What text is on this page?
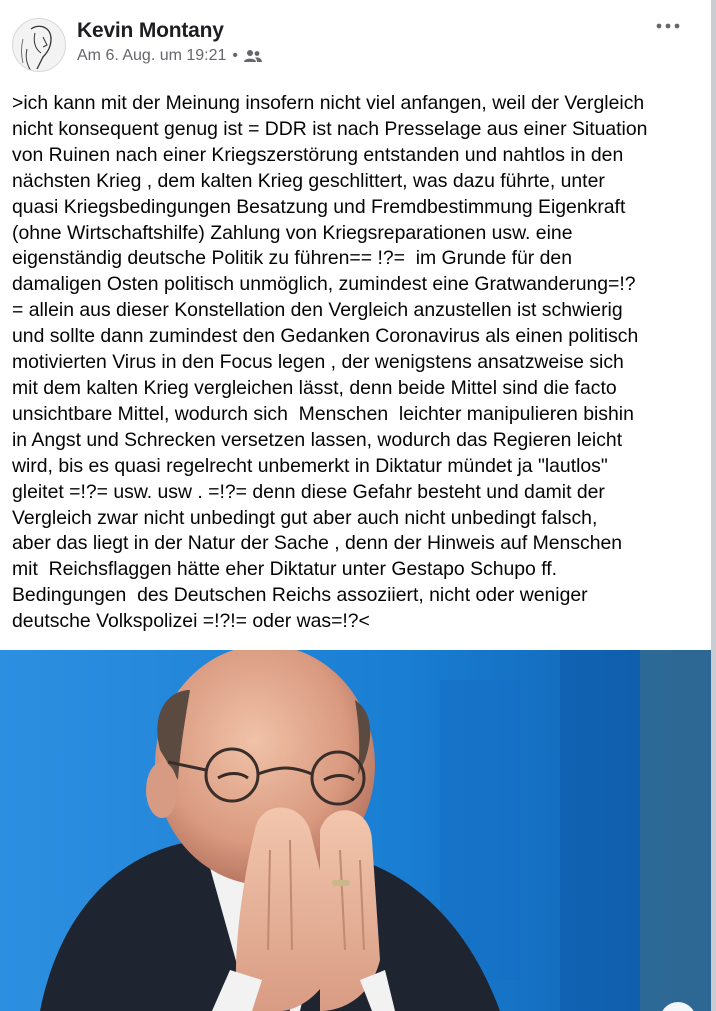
Kevin Montany
Am 6. Aug. um 19:21 •

>ich kann mit der Meinung insofern nicht viel anfangen, weil der Vergleich
nicht konsequent genug ist = DDR ist nach Presselage aus einer Situation
von Ruinen nach einer Kriegszerstörung entstanden und nahtlos in den
nächsten Krieg , dem kalten Krieg geschlittert, was dazu führte, unter
quasi Kriegsbedingungen Besatzung und Fremdbestimmung Eigenkraft
(ohne Wirtschaftshilfe) Zahlung von Kriegsreparationen usw. eine
eigenständig deutsche Politik zu führen== !?=  im Grunde für den
damaligen Osten politisch unmöglich, zumindest eine Gratwanderung=!?
= allein aus dieser Konstellation den Vergleich anzustellen ist schwierig
und sollte dann zumindest den Gedanken Coronavirus als einen politisch
motivierten Virus in den Focus legen , der wenigstens ansatzweise sich
mit dem kalten Krieg vergleichen lässt, denn beide Mittel sind die facto
unsichtbare Mittel, wodurch sich  Menschen  leichter manipulieren bishin
in Angst und Schrecken versetzen lassen, wodurch das Regieren leicht
wird, bis es quasi regelrecht unbemerkt in Diktatur mündet ja "lautlos"
gleitet =!?= usw. usw . =!?= denn diese Gefahr besteht und damit der
Vergleich zwar nicht unbedingt gut aber auch nicht unbedingt falsch,
aber das liegt in der Natur der Sache , denn der Hinweis auf Menschen
mit  Reichsflaggen hätte eher Diktatur unter Gestapo Schupo ff.
Bedingungen  des Deutschen Reichs assoziiert, nicht oder weniger
deutsche Volkspolizei =!?!= oder was=!?<
